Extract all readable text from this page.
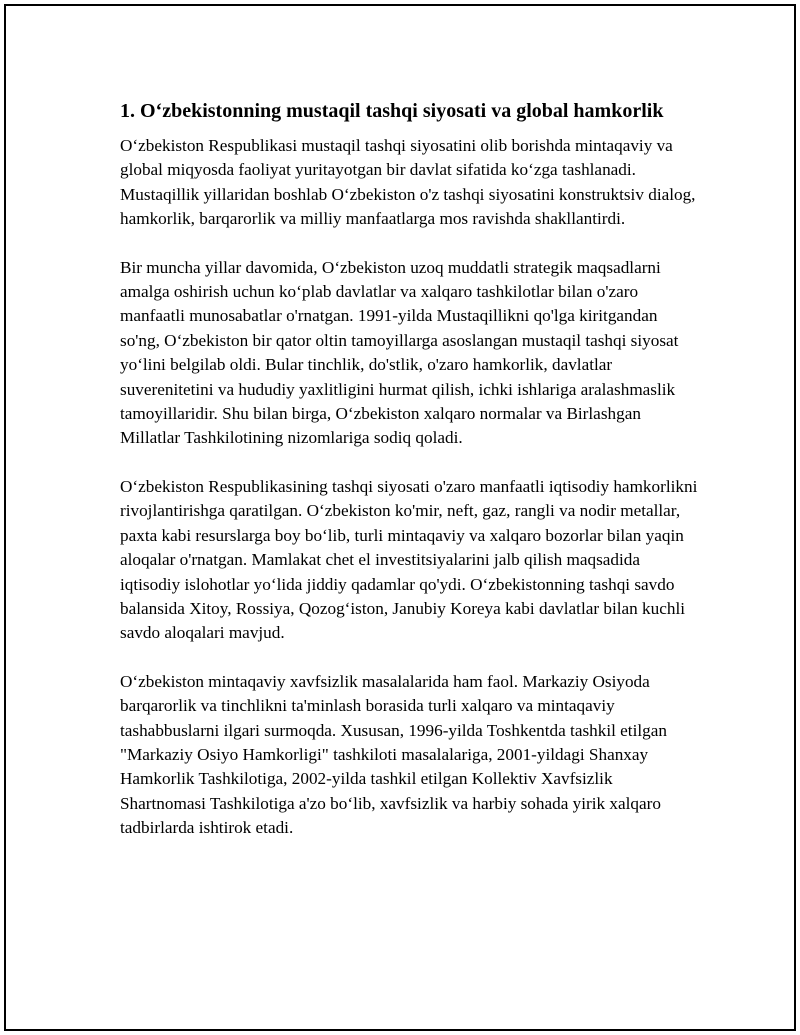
1. O‘zbekistonning mustaqil tashqi siyosati va global hamkorlik

O‘zbekiston Respublikasi mustaqil tashqi siyosatini olib borishda mintaqaviy va global miqyosda faoliyat yuritayotgan bir davlat sifatida ko‘zga tashlanadi. Mustaqillik yillaridan boshlab O‘zbekiston o'z tashqi siyosatini konstruktsiv dialog, hamkorlik, barqarorlik va milliy manfaatlarga mos ravishda shakllantirdi.

Bir muncha yillar davomida, O‘zbekiston uzoq muddatli strategik maqsadlarni amalga oshirish uchun ko‘plab davlatlar va xalqaro tashkilotlar bilan o'zaro manfaatli munosabatlar o'rnatgan. 1991-yilda Mustaqillikni qo'lga kiritgandan so'ng, O‘zbekiston bir qator oltin tamoyillarga asoslangan mustaqil tashqi siyosat yo‘lini belgilab oldi. Bular tinchlik, do'stlik, o'zaro hamkorlik, davlatlar suverenitetini va hududiy yaxlitligini hurmat qilish, ichki ishlariga aralashmaslik tamoyillaridir. Shu bilan birga, O‘zbekiston xalqaro normalar va Birlashgan Millatlar Tashkilotining nizomlariga sodiq qoladi.

O‘zbekiston Respublikasining tashqi siyosati o'zaro manfaatli iqtisodiy hamkorlikni rivojlantirishga qaratilgan. O‘zbekiston ko'mir, neft, gaz, rangli va nodir metallar, paxta kabi resurslarga boy bo‘lib, turli mintaqaviy va xalqaro bozorlar bilan yaqin aloqalar o'rnatgan. Mamlakat chet el investitsiyalarini jalb qilish maqsadida iqtisodiy islohotlar yo‘lida jiddiy qadamlar qo'ydi. O‘zbekistonning tashqi savdo balansida Xitoy, Rossiya, Qozog‘iston, Janubiy Koreya kabi davlatlar bilan kuchli savdo aloqalari mavjud.

O‘zbekiston mintaqaviy xavfsizlik masalalarida ham faol. Markaziy Osiyoda barqarorlik va tinchlikni ta'minlash borasida turli xalqaro va mintaqaviy tashabbuslarni ilgari surmoqda. Xususan, 1996-yilda Toshkentda tashkil etilgan "Markaziy Osiyo Hamkorligi" tashkiloti masalalariga, 2001-yildagi Shanxay Hamkorlik Tashkilotiga, 2002-yilda tashkil etilgan Kollektiv Xavfsizlik Shartnomasi Tashkilotiga a'zo bo‘lib, xavfsizlik va harbiy sohada yirik xalqaro tadbirlarda ishtirok etadi.
